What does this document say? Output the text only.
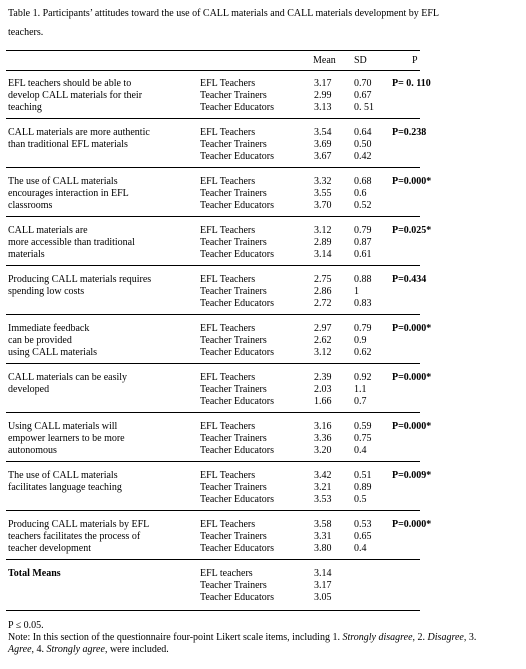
Table 1. Participants’ attitudes toward the use of CALL materials and CALL materials development by EFL
teachers.
Mean SD	P
EFL teachers should be able to
develop CALL materials for their
teaching
EFL Teachers
Teacher Trainers
Teacher Educators
3.17
2.99
3.13
0.70
0.67
0. 51
P= 0. 110
CALL materials are more authentic
than traditional EFL materials
EFL Teachers
Teacher Trainers
Teacher Educators
3.54
3.69
3.67
0.64
0.50
0.42
P=0.238
The use of CALL materials
encourages interaction in EFL
classrooms
EFL Teachers
Teacher Trainers
Teacher Educators
3.32
3.55
3.70
0.68
0.6
0.52
P=0.000*
CALL materials are
more accessible than traditional
materials
EFL Teachers
Teacher Trainers
Teacher Educators
3.12
2.89
3.14
0.79
0.87
0.61
P=0.025*
Producing CALL materials requires
spending low costs
EFL Teachers
Teacher Trainers
Teacher Educators
2.75
2.86
2.72
0.88
1
0.83
P=0.434
Immediate feedback
can be provided
using CALL materials
EFL Teachers
Teacher Trainers
Teacher Educators
2.97
2.62
3.12
0.79
0.9
0.62
P=0.000*
CALL materials can be easily
developed
EFL Teachers
Teacher Trainers
Teacher Educators
2.39
2.03
1.66
0.92
1.1
0.7
P=0.000*
Using CALL materials will
empower learners to be more
autonomous
EFL Teachers
Teacher Trainers
Teacher Educators
3.16
3.36
3.20
0.59
0.75
0.4
P=0.000*
The use of CALL materials
facilitates language teaching
EFL Teachers
Teacher Trainers
Teacher Educators
3.42
3.21
3.53
0.51
0.89
0.5
P=0.009*
Producing CALL materials by EFL
teachers facilitates the process of
teacher development
EFL Teachers
Teacher Trainers
Teacher Educators
3.58
3.31
3.80
0.53
0.65
0.4
P=0.000*
Total Means	EFL teachers
Teacher Trainers
Teacher Educators
3.14
3.17
3.05
P ≤ 0.05.
Note: In this section of the questionnaire four-point Likert scale items, including 1. Strongly disagree, 2. Disagree, 3.
Agree, 4. Strongly agree, were included.
